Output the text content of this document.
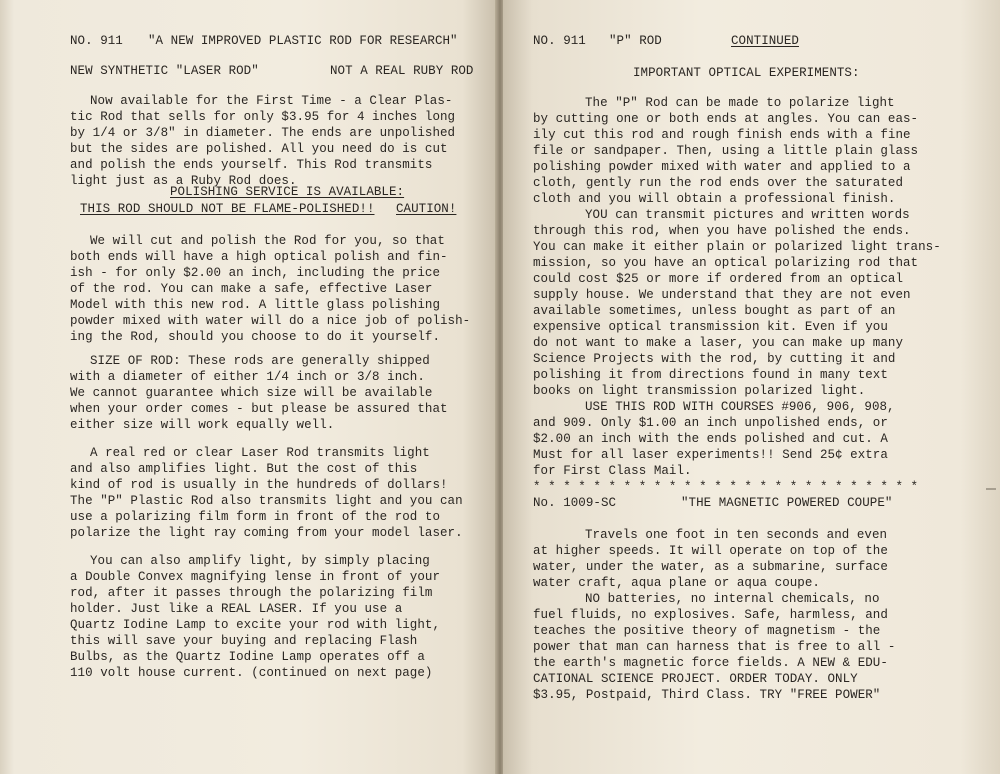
NO. 911 "A NEW IMPROVED PLASTIC ROD FOR RESEARCH"
NEW SYNTHETIC "LASER ROD"	NOT A REAL RUBY ROD
Now available for the First Time - a Clear Plas-
tic Rod that sells for only $3.95 for 4 inches long
by 1/4 or 3/8" in diameter. The ends are unpolished
but the sides are polished. All you need do is cut
and polish the ends yourself. This Rod transmits
light just as a Ruby Rod does.
POLISHING SERVICE IS AVAILABLE:
THIS ROD SHOULD NOT BE FLAME-POLISHED!! CAUTION!
We will cut and polish the Rod for you, so that
both ends will have a high optical polish and fin-
ish - for only $2.00 an inch, including the price
of the rod. You can make a safe, effective Laser
Model with this new rod. A little glass polishing
powder mixed with water will do a nice job of polish-
ing the Rod, should you choose to do it yourself.
SIZE OF ROD: These rods are generally shipped
with a diameter of either 1/4 inch or 3/8 inch.
We cannot guarantee which size will be available
when your order comes - but please be assured that
either size will work equally well.
A real red or clear Laser Rod transmits light
and also amplifies light. But the cost of this
kind of rod is usually in the hundreds of dollars!
The "P" Plastic Rod also transmits light and you can
use a polarizing film form in front of the rod to
polarize the light ray coming from your model laser.
You can also amplify light, by simply placing
a Double Convex magnifying lense in front of your
rod, after it passes through the polarizing film
holder. Just like a REAL LASER. If you use a
Quartz Iodine Lamp to excite your rod with light,
this will save your buying and replacing Flash
Bulbs, as the Quartz Iodine Lamp operates off a
110 volt house current. (continued on next page)
NO. 911 "P" ROD	CONTINUED
IMPORTANT OPTICAL EXPERIMENTS:
The "P" Rod can be made to polarize light
by cutting one or both ends at angles. You can eas-
ily cut this rod and rough finish ends with a fine
file or sandpaper. Then, using a little plain glass
polishing powder mixed with water and applied to a
cloth, gently run the rod ends over the saturated
cloth and you will obtain a professional finish.
YOU can transmit pictures and written words
through this rod, when you have polished the ends.
You can make it either plain or polarized light trans-
mission, so you have an optical polarizing rod that
could cost $25 or more if ordered from an optical
supply house. We understand that they are not even
available sometimes, unless bought as part of an
expensive optical transmission kit. Even if you
do not want to make a laser, you can make up many
Science Projects with the rod, by cutting it and
polishing it from directions found in many text
books on light transmission polarized light.
USE THIS ROD WITH COURSES #906, 906, 908,
and 909. Only $1.00 an inch unpolished ends, or
$2.00 an inch with the ends polished and cut. A
Must for all laser experiments!! Send 25¢ extra
for First Class Mail.
* * * * * * * * * * * * * * * * * * * * * * * * * *
No. 1009-SC	"THE MAGNETIC POWERED COUPE"
Travels one foot in ten seconds and even
at higher speeds. It will operate on top of the
water, under the water, as a submarine, surface
water craft, aqua plane or aqua coupe.
NO batteries, no internal chemicals, no
fuel fluids, no explosives. Safe, harmless, and
teaches the positive theory of magnetism - the
power that man can harness that is free to all -
the earth's magnetic force fields. A NEW & EDU-
CATIONAL SCIENCE PROJECT. ORDER TODAY. ONLY
$3.95, Postpaid, Third Class. TRY "FREE POWER"
